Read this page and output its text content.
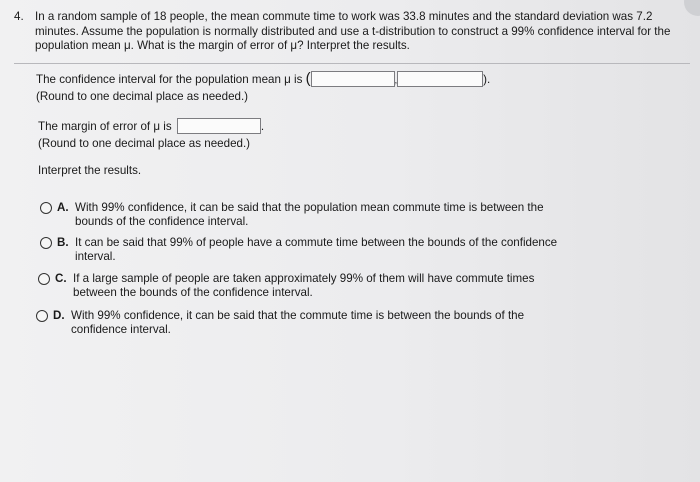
4. In a random sample of 18 people, the mean commute time to work was 33.8 minutes and the standard deviation was 7.2 minutes. Assume the population is normally distributed and use a t-distribution to construct a 99% confidence interval for the population mean μ. What is the margin of error of μ? Interpret the results.
The confidence interval for the population mean μ is (	,	).
(Round to one decimal place as needed.)
The margin of error of μ is	.
(Round to one decimal place as needed.)
Interpret the results.
A. With 99% confidence, it can be said that the population mean commute time is between the bounds of the confidence interval.
B. It can be said that 99% of people have a commute time between the bounds of the confidence interval.
C. If a large sample of people are taken approximately 99% of them will have commute times between the bounds of the confidence interval.
D. With 99% confidence, it can be said that the commute time is between the bounds of the confidence interval.
